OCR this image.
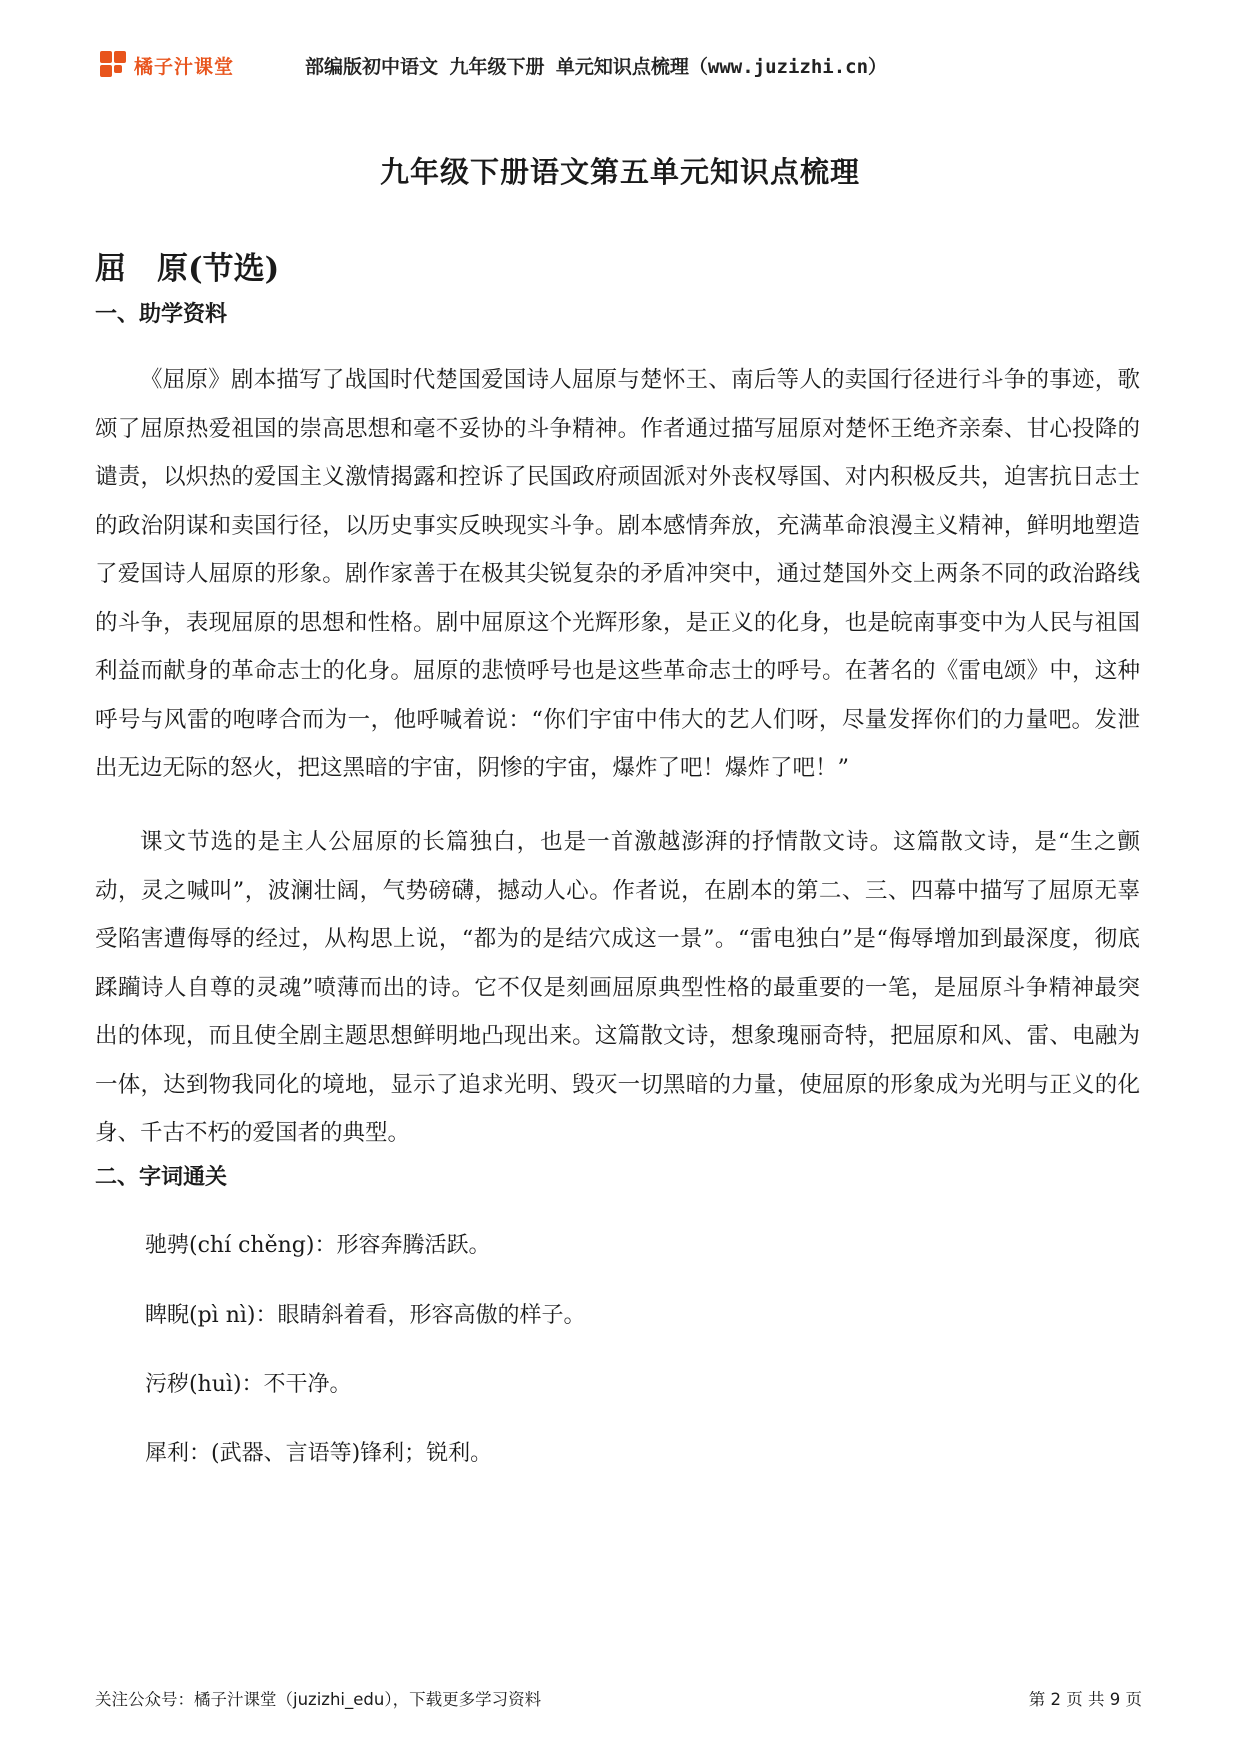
橘子汁课堂	部编版初中语文 九年级下册 单元知识点梳理（www.juzizhi.cn）
九年级下册语文第五单元知识点梳理
屈　原(节选)
一、助学资料

《屈原》剧本描写了战国时代楚国爱国诗人屈原与楚怀王、南后等人的卖国行径进行斗争的事迹，歌颂了屈原热爱祖国的崇高思想和毫不妥协的斗争精神。作者通过描写屈原对楚怀王绝齐亲秦、甘心投降的谴责，以炽热的爱国主义激情揭露和控诉了民国政府顽固派对外丧权辱国、对内积极反共，迫害抗日志士的政治阴谋和卖国行径，以历史事实反映现实斗争。剧本感情奔放，充满革命浪漫主义精神，鲜明地塑造了爱国诗人屈原的形象。剧作家善于在极其尖锐复杂的矛盾冲突中，通过楚国外交上两条不同的政治路线的斗争，表现屈原的思想和性格。剧中屈原这个光辉形象，是正义的化身，也是皖南事变中为人民与祖国利益而献身的革命志士的化身。屈原的悲愤呼号也是这些革命志士的呼号。在著名的《雷电颂》中，这种呼号与风雷的咆哮合而为一，他呼喊着说：“你们宇宙中伟大的艺人们呀，尽量发挥你们的力量吧。发泄出无边无际的怒火，把这黑暗的宇宙，阴惨的宇宙，爆炸了吧！爆炸了吧！”

课文节选的是主人公屈原的长篇独白，也是一首激越澎湃的抒情散文诗。这篇散文诗，是“生之颤动，灵之喊叫”，波澜壮阔，气势磅礴，撼动人心。作者说，在剧本的第二、三、四幕中描写了屈原无辜受陷害遭侮辱的经过，从构思上说，“都为的是结穴成这一景”。“雷电独白”是“侮辱增加到最深度，彻底蹂躏诗人自尊的灵魂”喷薄而出的诗。它不仅是刻画屈原典型性格的最重要的一笔，是屈原斗争精神最突出的体现，而且使全剧主题思想鲜明地凸现出来。这篇散文诗，想象瑰丽奇特，把屈原和风、雷、电融为一体，达到物我同化的境地，显示了追求光明、毁灭一切黑暗的力量，使屈原的形象成为光明与正义的化身、千古不朽的爱国者的典型。

二、字词通关
驰骋(chí chěng)：形容奔腾活跃。
睥睨(pì nì)：眼睛斜着看，形容高傲的样子。
污秽(huì)：不干净。
犀利：(武器、言语等)锋利；锐利。
关注公众号：橘子汁课堂（juzizhi_edu），下载更多学习资料	第 2 页 共 9 页
